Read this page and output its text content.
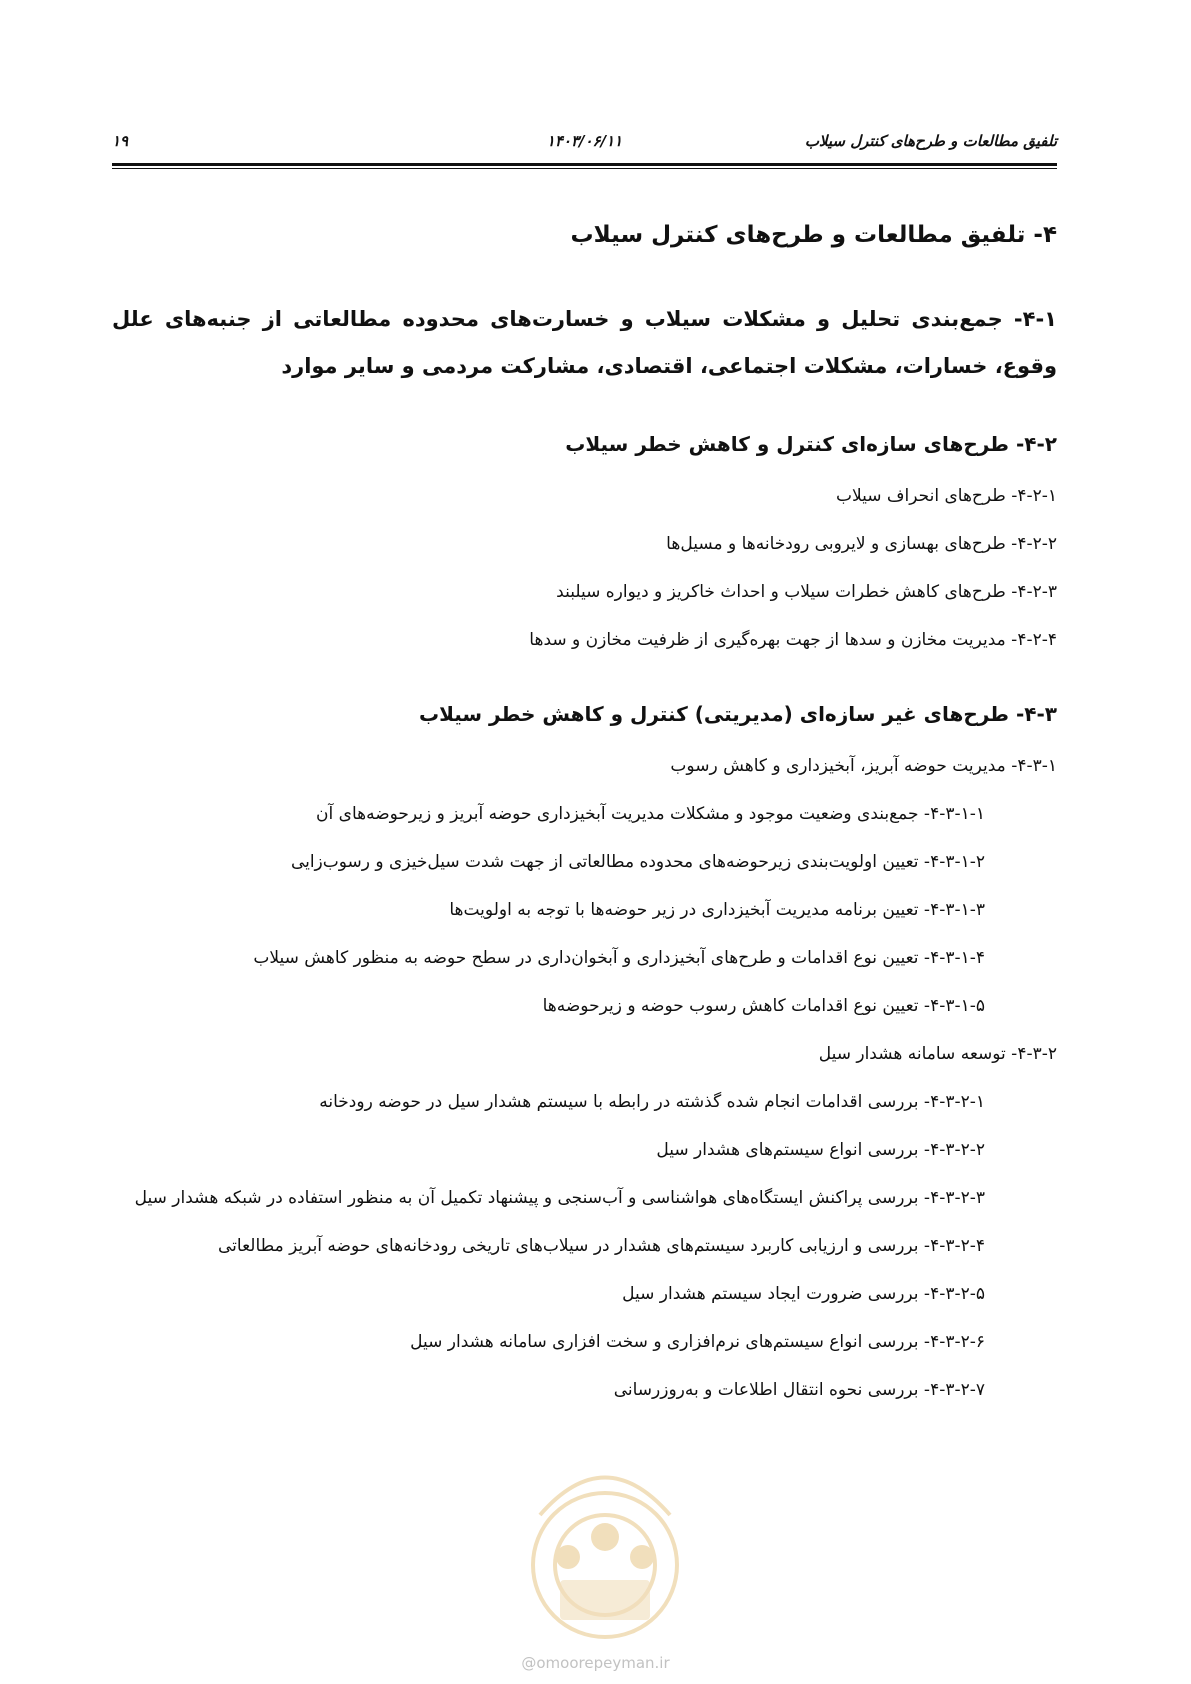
تلفیق مطالعات و طرح‌های کنترل سیلاب
۱۴۰۳/۰۶/۱۱
۱۹

۴- تلفیق مطالعات و طرح‌های کنترل سیلاب

۴-۱- جمع‌بندی تحلیل و مشکلات سیلاب و خسارت‌های محدوده مطالعاتی از جنبه‌های علل وقوع، خسارات، مشکلات اجتماعی، اقتصادی، مشارکت مردمی و سایر موارد

۴-۲- طرح‌های سازه‌ای کنترل و کاهش خطر سیلاب

۴-۲-۱- طرح‌های انحراف سیلاب

۴-۲-۲- طرح‌های بهسازی و لایروبی رودخانه‌ها و مسیل‌ها

۴-۲-۳- طرح‌های کاهش خطرات سیلاب و احداث خاکریز و دیواره سیلبند

۴-۲-۴- مدیریت مخازن و سدها از جهت بهره‌گیری از ظرفیت مخازن و سدها

۴-۳- طرح‌های غیر سازه‌ای (مدیریتی) کنترل و کاهش خطر سیلاب

۴-۳-۱- مدیریت حوضه آبریز، آبخیزداری و کاهش رسوب

۴-۳-۱-۱- جمع‌بندی وضعیت موجود و مشکلات مدیریت آبخیزداری حوضه آبریز و زیرحوضه‌های آن

۴-۳-۱-۲- تعیین اولویت‌بندی زیرحوضه‌های محدوده مطالعاتی از جهت شدت سیل‌خیزی و رسوب‌زایی

۴-۳-۱-۳- تعیین برنامه مدیریت آبخیزداری در زیر حوضه‌ها با توجه به اولویت‌ها

۴-۳-۱-۴- تعیین نوع اقدامات و طرح‌های آبخیزداری و آبخوان‌داری در سطح حوضه به منظور کاهش سیلاب

۴-۳-۱-۵- تعیین نوع اقدامات کاهش رسوب حوضه و زیرحوضه‌ها

۴-۳-۲- توسعه سامانه هشدار سیل

۴-۳-۲-۱- بررسی اقدامات انجام شده گذشته در رابطه با سیستم هشدار سیل در حوضه رودخانه

۴-۳-۲-۲- بررسی انواع سیستم‌های هشدار سیل

۴-۳-۲-۳- بررسی پراکنش ایستگاه‌های هواشناسی و آب‌سنجی و پیشنهاد تکمیل آن به منظور استفاده در شبکه هشدار سیل

۴-۳-۲-۴- بررسی و ارزیابی کاربرد سیستم‌های هشدار در سیلاب‌های تاریخی رودخانه‌های حوضه آبریز مطالعاتی

۴-۳-۲-۵- بررسی ضرورت ایجاد سیستم هشدار سیل

۴-۳-۲-۶- بررسی انواع سیستم‌های نرم‌افزاری و سخت افزاری سامانه هشدار سیل

۴-۳-۲-۷- بررسی نحوه انتقال اطلاعات و به‌روزرسانی

@omoorepeyman.ir
